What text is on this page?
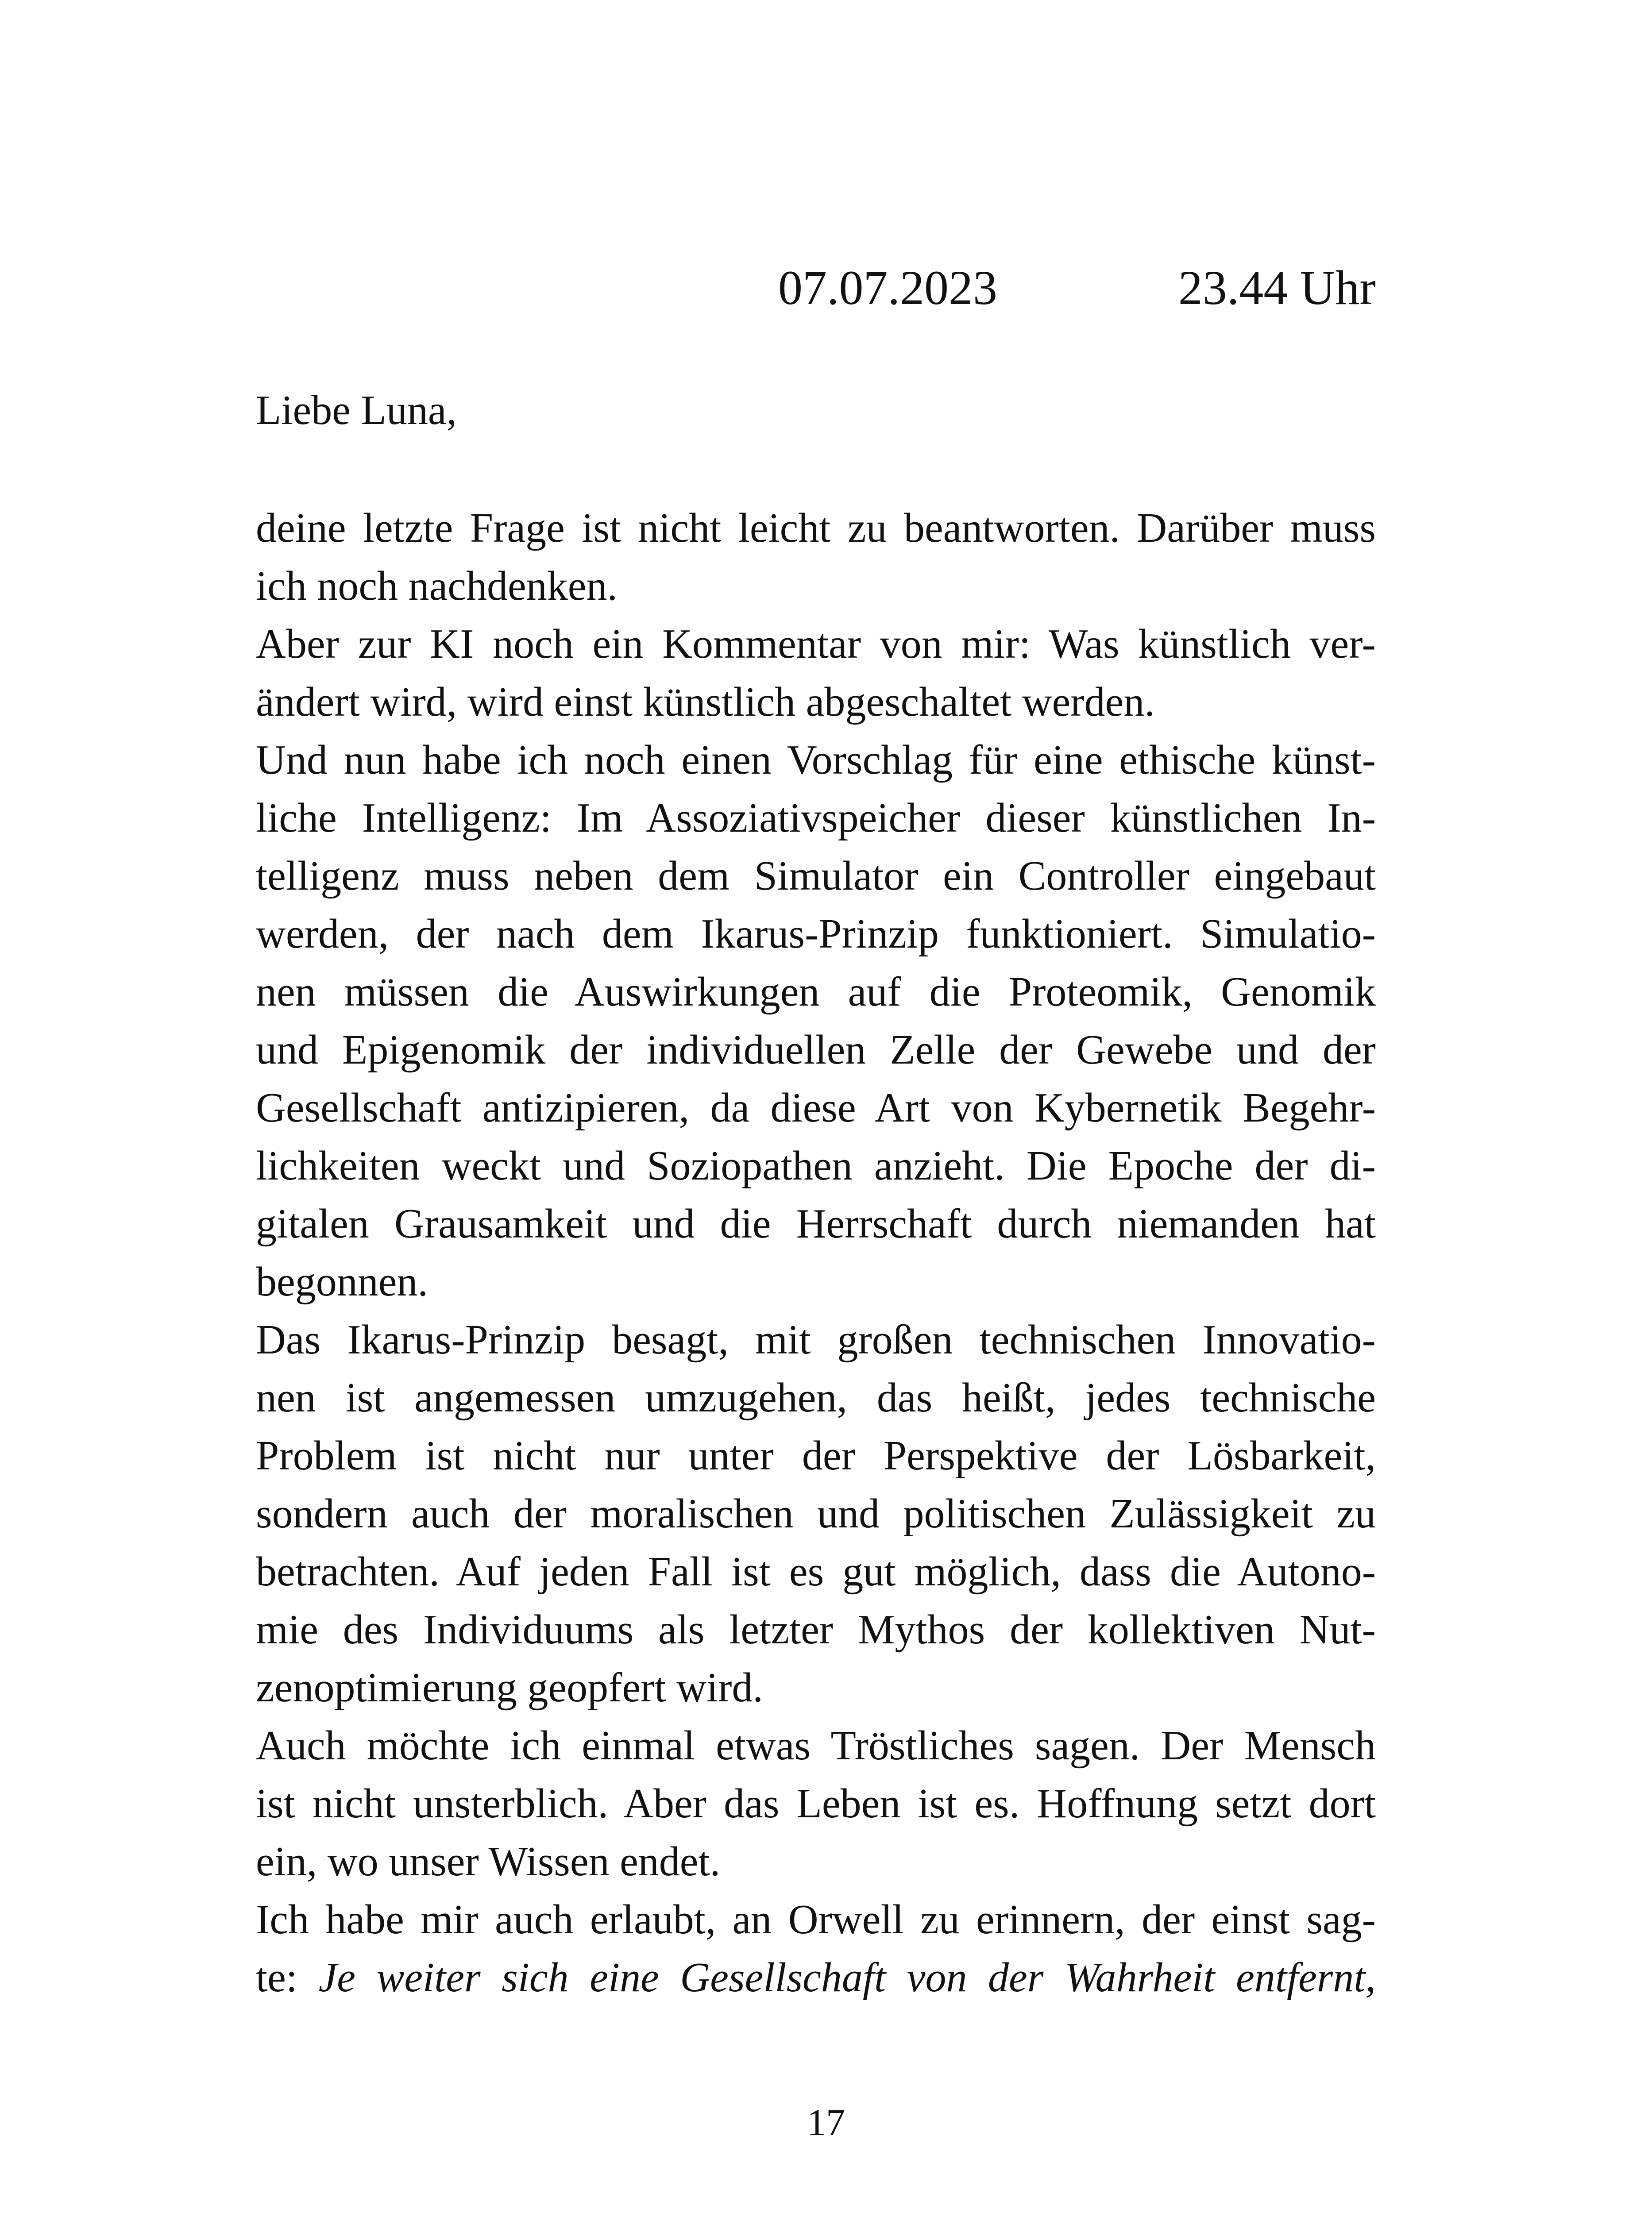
07.07.2023	23.44 Uhr
Liebe Luna,
deine letzte Frage ist nicht leicht zu beantworten. Darüber muss
ich noch nachdenken.
Aber zur KI noch ein Kommentar von mir: Was künstlich ver-
ändert wird, wird einst künstlich abgeschaltet werden.
Und nun habe ich noch einen Vorschlag für eine ethische künst-
liche Intelligenz: Im Assoziativspeicher dieser künstlichen In-
telligenz muss neben dem Simulator ein Controller eingebaut
werden, der nach dem Ikarus-Prinzip funktioniert. Simulatio-
nen müssen die Auswirkungen auf die Proteomik, Genomik
und Epigenomik der individuellen Zelle der Gewebe und der
Gesellschaft antizipieren, da diese Art von Kybernetik Begehr-
lichkeiten weckt und Soziopathen anzieht. Die Epoche der di-
gitalen Grausamkeit und die Herrschaft durch niemanden hat
begonnen.
Das Ikarus-Prinzip besagt, mit großen technischen Innovatio-
nen ist angemessen umzugehen, das heißt, jedes technische
Problem ist nicht nur unter der Perspektive der Lösbarkeit,
sondern auch der moralischen und politischen Zulässigkeit zu
betrachten. Auf jeden Fall ist es gut möglich, dass die Autono-
mie des Individuums als letzter Mythos der kollektiven Nut-
zenoptimierung geopfert wird.
Auch möchte ich einmal etwas Tröstliches sagen. Der Mensch
ist nicht unsterblich. Aber das Leben ist es. Hoffnung setzt dort
ein, wo unser Wissen endet.
Ich habe mir auch erlaubt, an Orwell zu erinnern, der einst sag-
te: Je weiter sich eine Gesellschaft von der Wahrheit entfernt,
17
